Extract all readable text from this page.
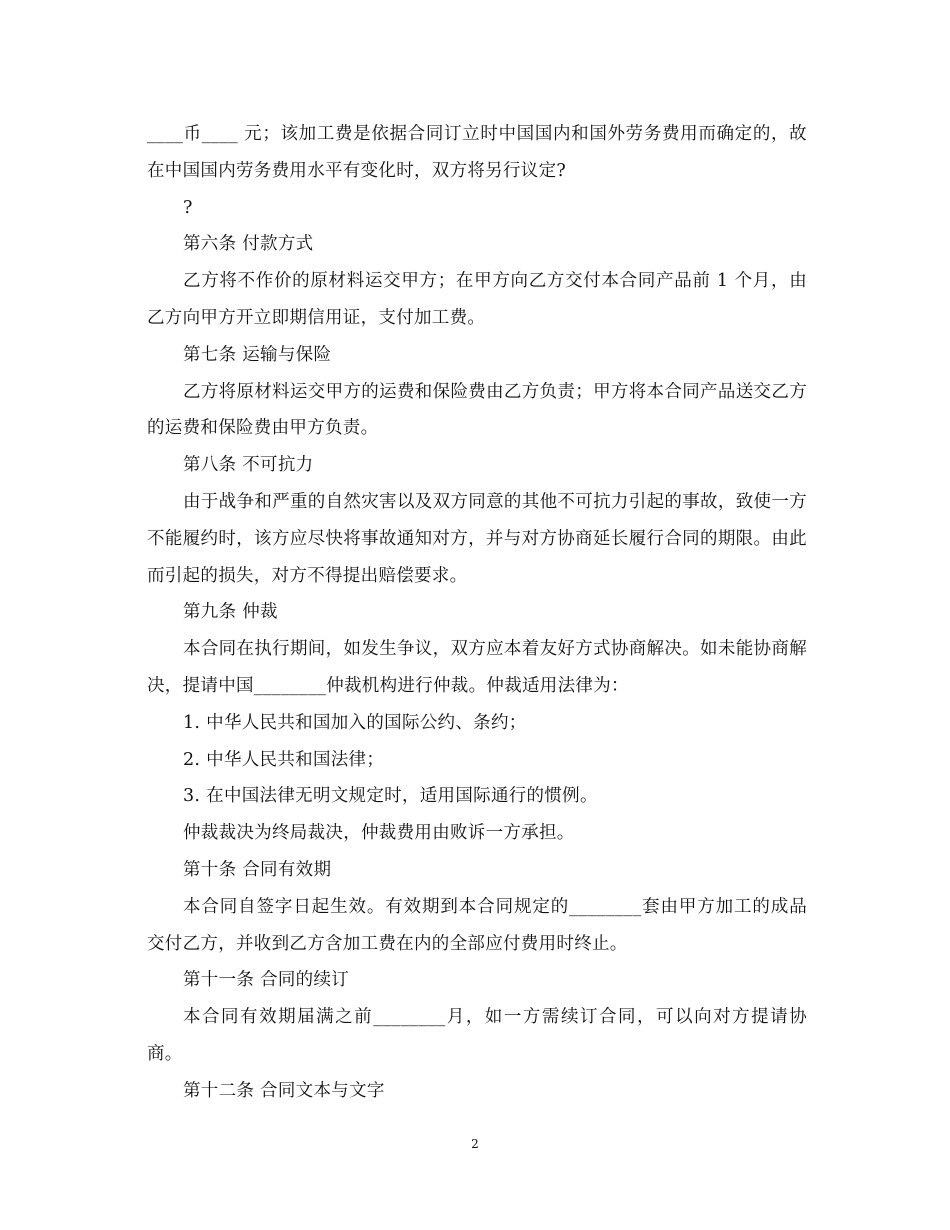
____币____ 元；该加工费是依据合同订立时中国国内和国外劳务费用而确定的，故在中国国内劳务费用水平有变化时，双方将另行议定?

?

第六条 付款方式

乙方将不作价的原材料运交甲方；在甲方向乙方交付本合同产品前 1 个月，由乙方向甲方开立即期信用证，支付加工费。

第七条 运输与保险

乙方将原材料运交甲方的运费和保险费由乙方负责；甲方将本合同产品送交乙方的运费和保险费由甲方负责。

第八条 不可抗力

由于战争和严重的自然灾害以及双方同意的其他不可抗力引起的事故，致使一方不能履约时，该方应尽快将事故通知对方，并与对方协商延长履行合同的期限。由此而引起的损失，对方不得提出赔偿要求。

第九条 仲裁

本合同在执行期间，如发生争议，双方应本着友好方式协商解决。如未能协商解决，提请中国________仲裁机构进行仲裁。仲裁适用法律为：

1. 中华人民共和国加入的国际公约、条约；

2. 中华人民共和国法律；

3. 在中国法律无明文规定时，适用国际通行的惯例。

仲裁裁决为终局裁决，仲裁费用由败诉一方承担。

第十条 合同有效期

本合同自签字日起生效。有效期到本合同规定的________套由甲方加工的成品交付乙方，并收到乙方含加工费在内的全部应付费用时终止。

第十一条 合同的续订

本合同有效期届满之前________月，如一方需续订合同，可以向对方提请协商。

第十二条 合同文本与文字

2
